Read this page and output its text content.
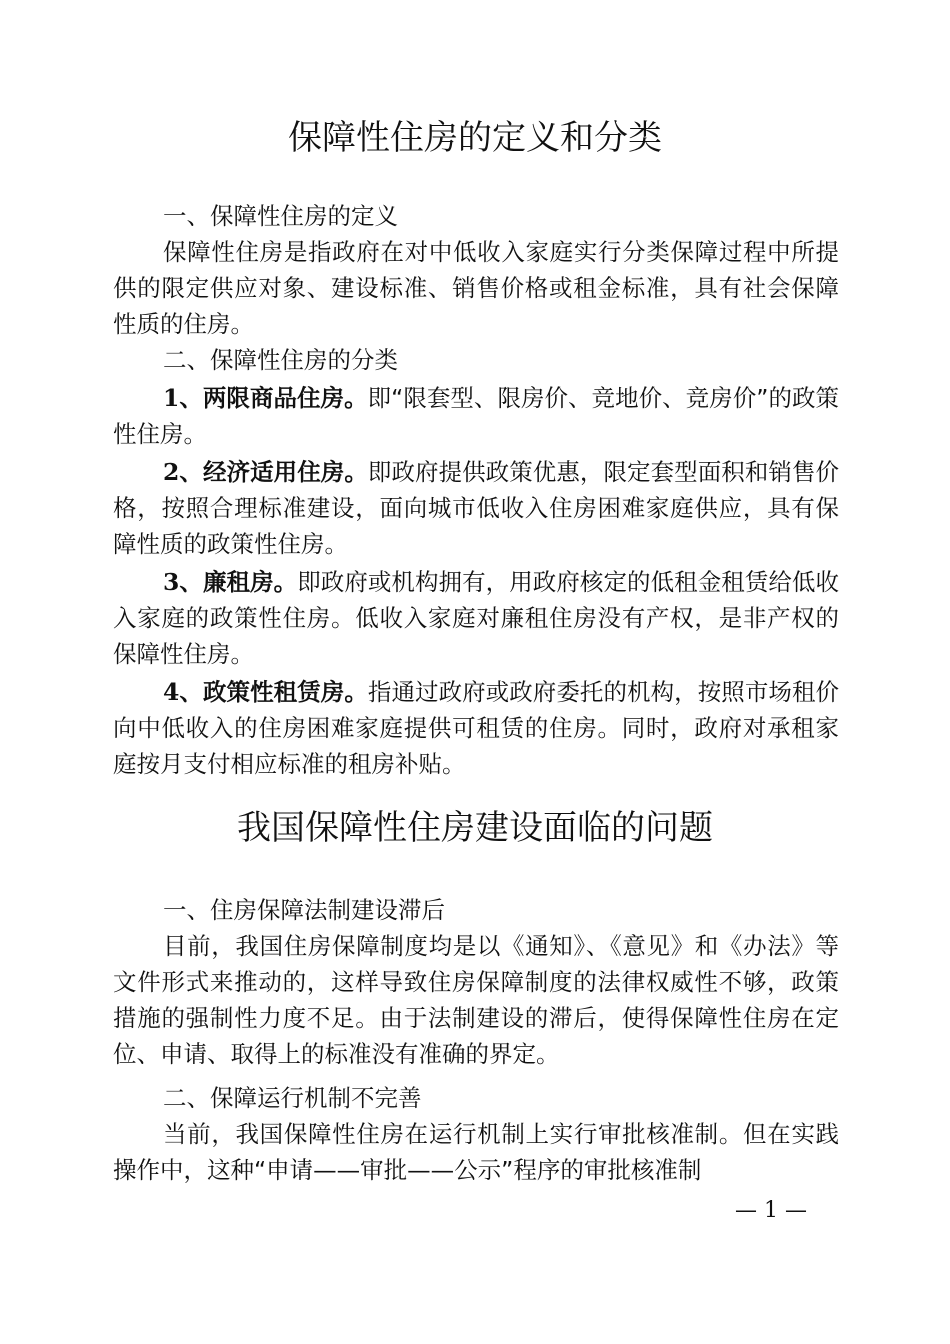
保障性住房的定义和分类
一、保障性住房的定义
保障性住房是指政府在对中低收入家庭实行分类保障过程中所提供的限定供应对象、建设标准、销售价格或租金标准，具有社会保障性质的住房。
二、保障性住房的分类
1、两限商品住房。即“限套型、限房价、竞地价、竞房价”的政策性住房。
2、经济适用住房。即政府提供政策优惠，限定套型面积和销售价格，按照合理标准建设，面向城市低收入住房困难家庭供应，具有保障性质的政策性住房。
3、廉租房。即政府或机构拥有，用政府核定的低租金租赁给低收入家庭的政策性住房。低收入家庭对廉租住房没有产权，是非产权的保障性住房。
4、政策性租赁房。指通过政府或政府委托的机构，按照市场租价向中低收入的住房困难家庭提供可租赁的住房。同时，政府对承租家庭按月支付相应标准的租房补贴。
我国保障性住房建设面临的问题
一、住房保障法制建设滞后
目前，我国住房保障制度均是以《通知》、《意见》和《办法》等文件形式来推动的，这样导致住房保障制度的法律权威性不够，政策措施的强制性力度不足。由于法制建设的滞后，使得保障性住房在定位、申请、取得上的标准没有准确的界定。
二、保障运行机制不完善
当前，我国保障性住房在运行机制上实行审批核准制。但在实践操作中，这种“申请——审批——公示”程序的审批核准制
— 1 —
